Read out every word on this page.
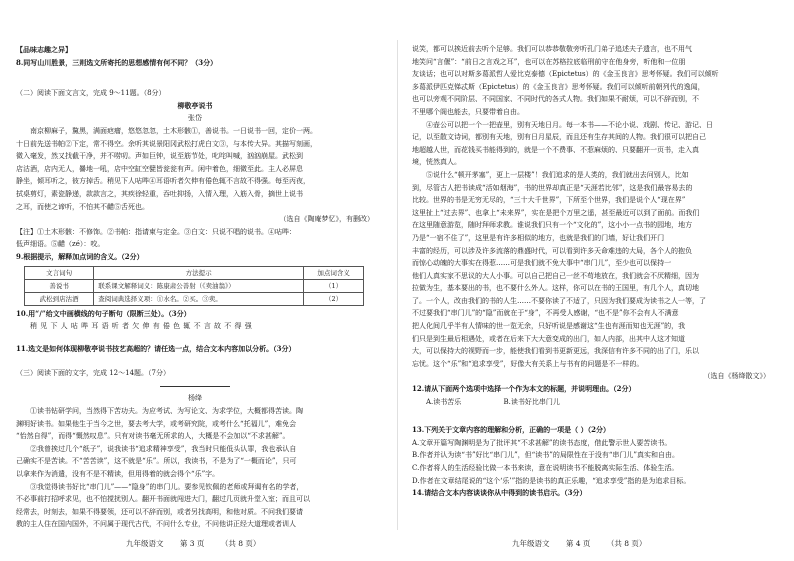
【品味志趣之异】
8.同写山川胜景，三则选文所寄托的思想感情有何不同？（3分）
（二）阅读下面文言文，完成 9～11题。（8分）
柳敬亭说书
张岱
南京柳麻子，黧黑，满面疤癗，悠悠忽忽，土木形骸①，善说书。一日说书一回，定价一两。
十日前先送书帕②下定，常不得空。余听其说景阳冈武松打虎白文③，与本传大异。其描写刻画，
微入毫发，然又找截干净，并不唠叨。声如巨钟，说至筋节处，叱咤叫喊，汹汹崩屋。武松到
店沽酒，店内无人，謈地一吼，店中空缸空甓皆瓮瓮有声。闲中着色，细微至此。主人必屏息
静坐，倾耳听之，彼方掉舌。稍见下人呫哔④耳语听者欠伸有倦色辄不言故不得强。每至丙夜，
拭桌剪灯，素瓷静递，款款言之，其疾徐轻重，吞吐抑扬，入情入理，入筋入骨，摘世上说书
之耳，而使之谛听，不怕其不齰⑤舌死也。
（选自《陶庵梦忆》，有删改）
【注】①土木形骸：不修饰。②书帕：指请柬与定金。③白文：只说不唱的说书。④呫哔：
低声细语。⑤齰（zé）：咬。
9.根据提示，解释加点词的含义。（2分）
文言词句	方法提示	加点词含义
善说书	联系课文解释词义：陈康肃公善射（《卖油翁》）	（1）
武松到店沽酒	查阅词典选择义项：①水名。②买。③卖。	（2）
10.用“/”给文中画横线的句子断句（限断三处）。（3分）
稍 见 下 人 呫 哔 耳 语 听 者 欠 伸 有 倦 色 辄 不 言 故 不 得 强
11.选文是如何体现柳敬亭说书技艺高超的？请任选一点，结合文本内容加以分析。（3分）
（三）阅读下面的文字，完成 12～14题。（7分）
杨绛
①读书钻研学问，当然得下苦功夫。为应考试、为写论文、为求学位，大概都得苦读。陶
渊明好读书。如果他生于当今之世，要去考大学，或考研究院，或考什么“托福儿”，难免会
“怡然自得”，而得“慨然叹息”。只有对读书毫无所求的人，大概是不会加以“不求甚解”。
②我曾挨过几个“纸子”，说我读书“追求精神享受”，我当时只能低头认罪，我也承认自
己确实不是苦读。不“苦苦读”，这不就是“乐”。所以，我读书，不是为了“一概而论”，只可
以拿来作为消遣，没有不是不精读，但用得着的就会得个“乐”字。
③我觉得读书好比“串门儿”——“隐身”的串门儿。要参见钦佩的老师或拜谒有名的学者，
不必事前打招呼求见，也不怕搅扰别人。翻开书面就闯进大门，翻过几页就升堂入室；而且可以
经常去，时刻去，如果不得要领，还可以不辞而别，或者另找高明，和他对质。不问我们要请
教的主人住在国内国外，不问属于现代古代，不问什么专业，不问他讲正经大道理或者训人
说笑，都可以挨近前去听个足够。我们可以恭恭敬敬旁听孔门弟子追述夫子遗言，也不用气
地笑问“言偃”：“前日之言戏之耳”，也可以在苏格拉底临刑前守在他身旁，听他和一位朋
友谈话；也可以对斯多葛派哲人爱比克泰德（Epictetus）的《金玉良言》思考怀疑。我们可以倾听
多葛派伊匹克悌忒斯（Epictetus）的《金玉良言》思考怀疑。我们可以倾听前朝列代的逸闻，
也可以旁观不同阶层、不同国家、不同时代的各式人物。我们如果不耐烦，可以不辞而别，不
不里哪个阁也能去，只要带着自由。
④壶公可以把一个一把壶里，别有天地日月。每一本书——不论小说、戏剧、传记、游记、日
记，以至散文诗词，都别有天地，别有日月星辰，而且还有生存其间的人物。我们很可以把自己
地超越人世，而花钱买书能得到的，就是一个不费事、不惹麻烦的、只要翻开一页书，走入真
境，恍然真人。
⑤说什么“顿开茅塞”，更上一层楼”！我们追求的是人类的，我们就出去问别人，比如
到，尽管古人把书读成“活如烟海”，书的世界却真正是“天涯若比邻”，这是我们最容易去的
比较。世界的书是无穷无尽的，“三十大千世界”，下所至个世界，我们是说个人“现在界”
这里扯上“过去界”、也拿上“未来界”，实在是把个万里之遥，甚至最近可以到了面前。而我们
在这里随意游览，随时拜师求教。谁说我们只有一个“文化的”，这小小一点书的园地，地方
乃是“一宿不住了”，这里是有许多相似的地方，也就是我们的门墙，好让我们开门
丰富的经历，可以涉及许多流落的鼎盛时代，可以看到许多天命难违的大局，各个人的抱负
而惊心动魄的大事实在得惹……可是我们就不免大事中“串门儿”，至少也可以保持一
他们人真实家不思议的大人小事。可以自己把自己一丝不苟地放在，我们就会不厌精细，因为
拉做为生，基本要出的书，也不要什么外人。这样，你可以在书的王国里，有几个人，真切地
了。一个人，改由我们的书的人生……不要你读了不适了，只因为我们要成为读书之人一等，了
不过要我们“串门儿”的“隐”而就在于“身”，不再受人感谢，“也不是”你不会有人不满意
把人化间几乎半有人情味的世一览无余，只好听说是感谢这“生也有涯而知也无涯”的，我
们只是到生最后相遇处，或者在后来下大大意变成的出门，如人内部，出其中人这才知道
大，可以保持大的视野而一步，能使我们看到书更新更远，我深信有许多不同的出了门，乐以
忘忧。这个“乐”和“追求享受”，好像大有关系上与书有的问题是不一样的。
（选自《杨绛散文》）
12.请从下面两个选项中选择一个作为本文的标题，并说明理由。（2分）
A.读书苦乐	B.读书好比串门儿
13.下列关于文章内容的理解和分析，正确的一项是（ ）（2分）
A.文章开篇写陶渊明是为了批评其“不求甚解”的读书态度，借此警示世人要苦读书。
B.作者并认为读“书”好比“串门儿”，但“读书”的局限性在于没有“串门儿”真实和自由。
C.作者将人的生活经验比做一本书来读，意在说明读书不能脱离实际生活、体验生活。
D.作者在文章结尾说的“这个‘乐’”指的是读书的真正乐趣，“追求享受”指的是为追求目标。
14.请结合文本内容谈谈你从中得到的读书启示。（3分）
九年级语文 第 3 页 （共 8 页）	九年级语文 第 4 页 （共 8 页）
